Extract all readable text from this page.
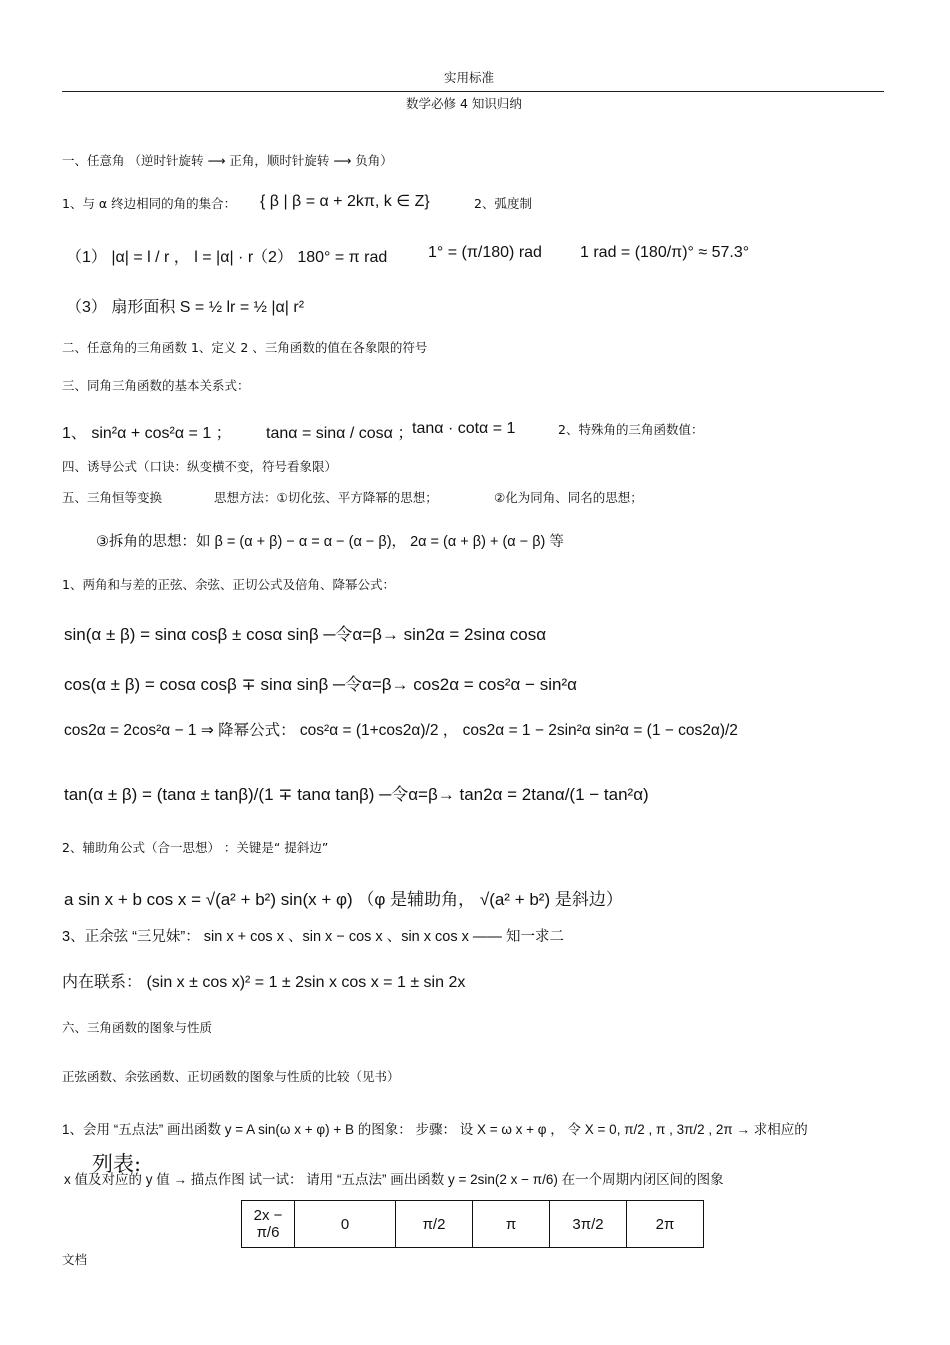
实用标准
数学必修 4 知识归纳
一、任意角 （逆时针旋转 ⟶ 正角，顺时针旋转 ⟶ 负角）
1、与 α 终边相同的角的集合： { β | β = α + 2kπ, k ∈ Z}	2、弧度制
（1） |α| = l / r ， l = |α| · r
（2） 180° = π rad	1° = (π/180) rad 1 rad = (180/π)° ≈ 57.3°
（3） 扇形面积 S = ½ lr = ½ |α| r²
二、任意角的三角函数 1、定义 2 、三角函数的值在各象限的符号
三、同角三角函数的基本关系式：
1、 sin²α + cos²α = 1 ； tanα = sinα / cosα ；
tanα · cotα = 1	2、特殊角的三角函数值：
四、诱导公式（口诀：纵变横不变，符号看象限）
五、三角恒等变换	思想方法：①切化弦、平方降幂的思想；	②化为同角、同名的思想；
③拆角的思想：如 β = (α + β) − α = α − (α − β)， 2α = (α + β) + (α − β) 等
1、两角和与差的正弦、余弦、正切公式及倍角、降幂公式：
sin(α ± β) = sinα cosβ ± cosα sinβ ─令α=β→ sin2α = 2sinα cosα
cos(α ± β) = cosα cosβ ∓ sinα sinβ ─令α=β→ cos2α = cos²α − sin²α
cos2α = 2cos²α − 1 ⇒ 降幂公式： cos²α = (1+cos2α)/2 ， cos2α = 1 − 2sin²α sin²α = (1 − cos2α)/2
tan(α ± β) = (tanα ± tanβ)/(1 ∓ tanα tanβ) ─令α=β→ tan2α = 2tanα/(1 − tan²α)
2、辅助角公式（合一思想） ：关键是“ 提斜边”
a sin x + b cos x = √(a² + b²) sin(x + φ) （φ 是辅助角， √(a² + b²) 是斜边）
3、正余弦 “三兄妹”： sin x + cos x 、sin x − cos x 、sin x cos x —— 知一求二
内在联系： (sin x ± cos x)² = 1 ± 2sin x cos x = 1 ± sin 2x
六、三角函数的图象与性质
正弦函数、余弦函数、正切函数的图象与性质的比较（见书）
1、会用 “五点法” 画出函数 y = A sin(ω x + φ) + B 的图象： 步骤： 设 X = ω x + φ ， 令 X = 0, π/2 , π , 3π/2 , 2π → 求相应的
列表:
x 值及对应的 y 值 → 描点作图 试一试： 请用 “五点法” 画出函数 y = 2sin(2 x − π/6) 在一个周期内闭区间的图象
2x − π/6	0	π/2	π	3π/2	2π
文档
